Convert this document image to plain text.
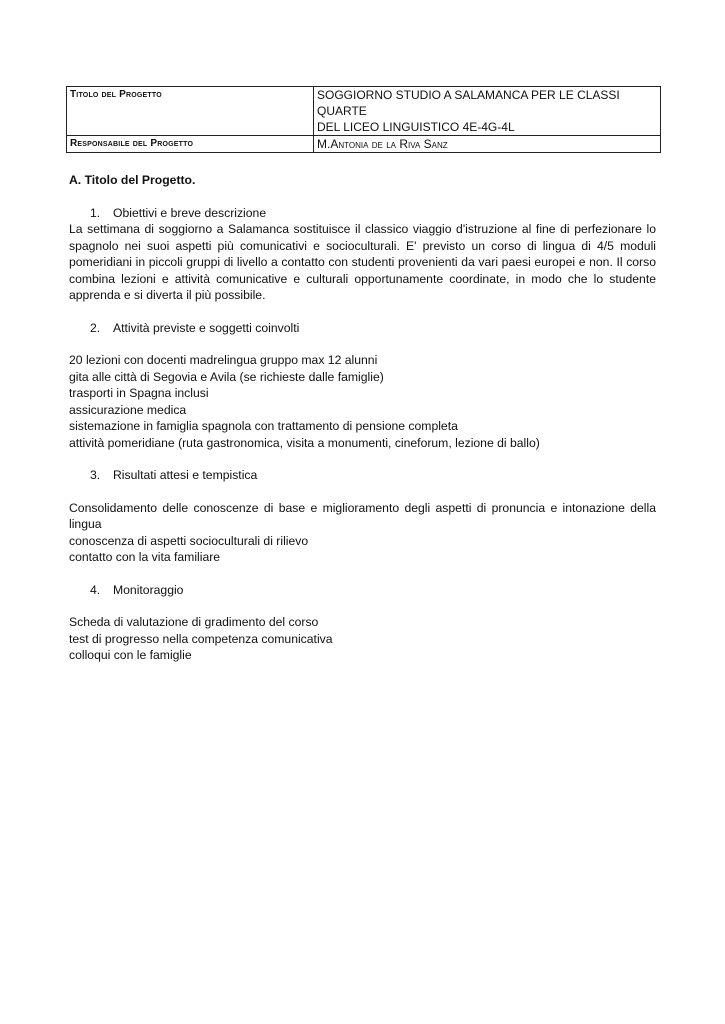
Titolo del Progetto	SOGGIORNO STUDIO A SALAMANCA PER LE CLASSI QUARTE
DEL LICEO LINGUISTICO 4E-4G-4L

Responsabile del Progetto	M.Antonia de la Riva Sanz

A. Titolo del Progetto.

1. Obiettivi e breve descrizione

La settimana di soggiorno a Salamanca sostituisce il classico viaggio d'istruzione al fine di perfezionare lo spagnolo nei suoi aspetti più comunicativi e socioculturali. E' previsto un corso di lingua di 4/5 moduli pomeridiani in piccoli gruppi di livello a contatto con studenti provenienti da vari paesi europei e non. Il corso combina lezioni e attività comunicative e culturali opportunamente coordinate, in modo che lo studente apprenda e si diverta il più possibile.

2. Attività previste e soggetti coinvolti

20 lezioni con docenti madrelingua gruppo max 12 alunni

gita alle città di Segovia e Avila (se richieste dalle famiglie)

trasporti in Spagna inclusi

assicurazione medica

sistemazione in famiglia spagnola con trattamento di pensione completa

attività pomeridiane (ruta gastronomica, visita a monumenti, cineforum, lezione di ballo)

3. Risultati attesi e tempistica

Consolidamento delle conoscenze di base e miglioramento degli aspetti di pronuncia e intonazione della lingua

conoscenza di aspetti socioculturali di rilievo

contatto con la vita familiare

4. Monitoraggio

Scheda di valutazione di gradimento del corso

test di progresso nella competenza comunicativa

colloqui con le famiglie
